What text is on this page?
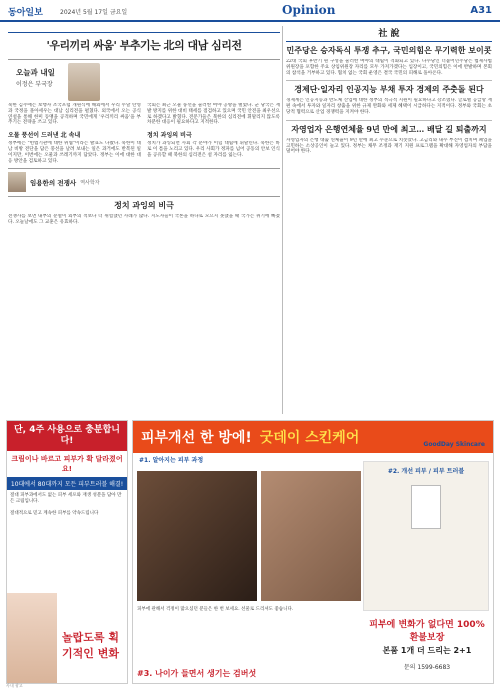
동아일보	2024년 5월 17일 금요일	Opinion	A31
'우리끼리 싸움' 부추기는 北의 대남 심리전
오늘과 내일
이정은 부국장

북한 김주애는 보행자 조국포럼 개원식에 해외에서 우리 두달 탄영과 국정을 몰아세우는 대남 심리전을 펼쳤다. 외국에서 오는 공식 연설을 통해 한미 동맹을 공격하며 국민에게 '우리끼리 싸움'을 부추기는 전략을 쓰고 있다.

오물 풍선이 드러낸 北 속내

정부에는 "헌법기관에 대한 위협"이라는 발표도 나왔다. 북한이 대남 비방 전단을 담은 풍선을 날려 보내는 일은 과거에도 반복된 일이지만, 이번에는 오물과 쓰레기까지 담았다. 정부는 이에 대한 대응 방안을 검토하고 있다.

국회는 최근 오물 풍선을 둘러싼 여야 공방을 벌였다. 군 당국은 재발 방지를 위한 대비 태세를 점검하고 있으며 국민 안전을 최우선으로 하겠다고 밝혔다. 전문가들은 북한의 심리전에 휘말리지 않도록 차분한 대응이 필요하다고 지적한다.

정치 과잉의 비극

정치가 과잉되면 사회 각 분야가 이념 대립에 휘말린다. 북한은 바로 이 틈을 노리고 있다. 우리 사회가 정파를 넘어 공동의 안보 인식을 공유할 때 북한의 심리전은 설 자리를 잃는다.

임용한의 전쟁사 역사학자
정치 과잉의 비극

전쟁사를 보면 내부의 분열이 외부의 적보다 더 위험했던 사례가 많다. 지도자들이 국론을 하나로 모으지 못했을 때 국가는 위기에 빠졌다. 오늘날에도 그 교훈은 유효하다.

社 說
민주당은 승자독식 투쟁 추구, 국민의힘은 무기력한 보이콧

22대 국회 후반기 원 구성을 둘러싼 여야의 대립이 격화되고 있다. 다수당인 더불어민주당은 법제사법위원장을 포함한 주요 상임위원장 자리를 모두 가져가겠다는 입장이고, 국민의힘은 이에 반발하며 본회의 참석을 거부하고 있다. 협치 없는 국회 운영은 결국 국민의 피해로 돌아온다.

경제단·일자리 인공지능 부채 투자 경제의 주춧돌 된다

경제계는 인공지능과 반도체 산업에 대한 정부의 적극적 지원이 필요하다고 강조했다. 글로벌 공급망 재편 속에서 투자와 일자리 창출을 위한 규제 완화와 세제 혜택이 시급하다는 지적이다. 정부와 국회는 초당적 협력으로 산업 경쟁력을 지켜야 한다.

자영업자 은행연체율 9년 만에 최고… 배달 길 퇴출까지

자영업자의 은행 대출 연체율이 9년 만에 최고 수준으로 치솟았다. 고금리와 내수 부진이 겹치며 폐업을 고민하는 소상공인이 늘고 있다. 정부는 채무 조정과 재기 지원 프로그램을 확대해 자영업자의 부담을 덜어야 한다.

단, 4주 사용으로 충분합니다!
크림이나 바르고 피부가 확 달라졌어요!
10대에서 80대까지 모든 피부트러블 해결!

절대 피부과에서도 없는 피부 세포와 재생 성분을 담아 만든 크림입니다.

절대적으로 믿고 계속한 피부를 약속드립니다

놀랍도록 획기적인 변화
피부개선 한 방에! 굿데이 스킨케어	GoodDay Skincare
#1. 알아지는 피부 과정
#2. 개선 피부 / 피부 트러블

피부에 관해서 걱정이 많으셨던 분들은 한 번 보세요. 선물로 드리셔도 좋습니다.

피부에 변화가 없다면 100% 환불보장
본품 1개 더 드리는 2+1
문의 1599-6683
#3. 나이가 들면서 생기는 검버섯
사내 광고
